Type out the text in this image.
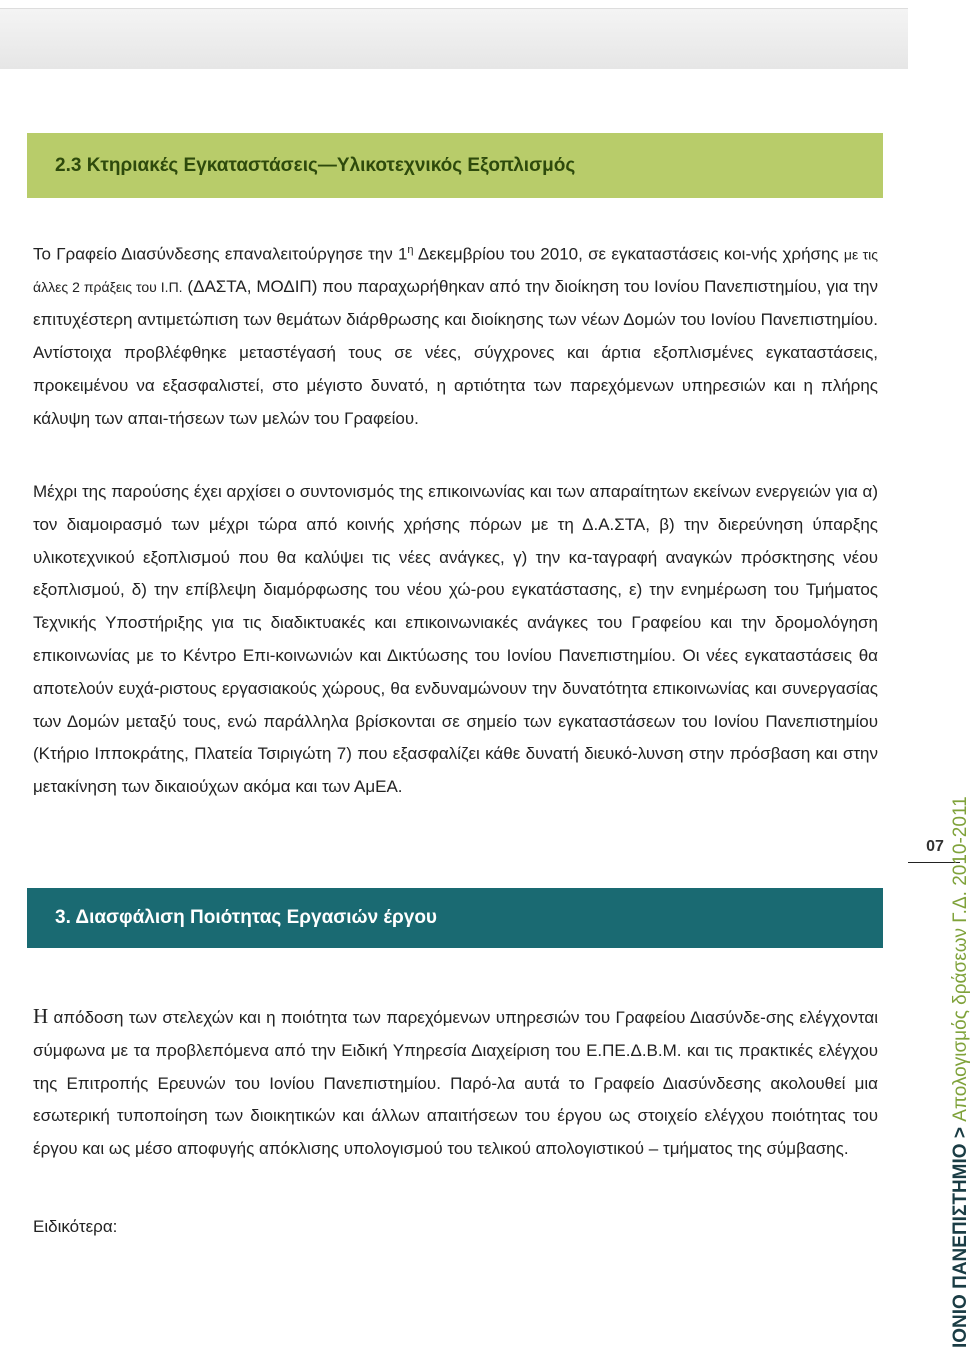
2.3 Κτηριακές Εγκαταστάσεις—Υλικοτεχνικός Εξοπλισμός

Το Γραφείο Διασύνδεσης επαναλειτούργησε την $1^\eta$ Δεκεμβρίου του 2010, σε εγκαταστάσεις κοι-νής χρήσης με τις άλλες 2 πράξεις του Ι.Π. (ΔΑΣΤΑ, ΜΟΔΙΠ) που παραχωρήθηκαν από την διοίκηση του Ιονίου Πανεπιστημίου, για την επιτυχέστερη αντιμετώπιση των θεμάτων διάρθρωσης και διοίκησης των νέων Δομών του Ιονίου Πανεπιστημίου. Αντίστοιχα προβλέφθηκε μεταστέγασή τους σε νέες, σύγχρονες και άρτια εξοπλισμένες εγκαταστάσεις, προκειμένου να εξασφαλιστεί, στο μέγιστο δυνατό, η αρτιότητα των παρεχόμενων υπηρεσιών και η πλήρης κάλυψη των απαι-τήσεων των μελών του Γραφείου.

Μέχρι της παρούσης έχει αρχίσει ο συντονισμός της επικοινωνίας και των απαραίτητων εκείνων ενεργειών για α) τον διαμοιρασμό των μέχρι τώρα από κοινής χρήσης πόρων με τη Δ.Α.ΣΤΑ, β) την διερεύνηση ύπαρξης υλικοτεχνικού εξοπλισμού που θα καλύψει τις νέες ανάγκες, γ) την κα-ταγραφή αναγκών πρόσκτησης νέου εξοπλισμού, δ) την επίβλεψη διαμόρφωσης του νέου χώ-ρου εγκατάστασης, ε) την ενημέρωση του Τμήματος Τεχνικής Υποστήριξης για τις διαδικτυακές και επικοινωνιακές ανάγκες του Γραφείου και την δρομολόγηση επικοινωνίας με το Κέντρο Επι-κοινωνιών και Δικτύωσης του Ιονίου Πανεπιστημίου. Οι νέες εγκαταστάσεις θα αποτελούν ευχά-ριστους εργασιακούς χώρους, θα ενδυναμώνουν την δυνατότητα επικοινωνίας και συνεργασίας των Δομών μεταξύ τους, ενώ παράλληλα βρίσκονται σε σημείο των εγκαταστάσεων του Ιονίου Πανεπιστημίου (Κτήριο Ιπποκράτης, Πλατεία Τσιριγώτη 7) που εξασφαλίζει κάθε δυνατή διευκό-λυνση στην πρόσβαση και στην μετακίνηση των δικαιούχων ακόμα και των ΑμΕΑ.

3. Διασφάλιση Ποιότητας Εργασιών έργου

Η απόδοση των στελεχών και η ποιότητα των παρεχόμενων υπηρεσιών του Γραφείου Διασύνδε-σης ελέγχονται σύμφωνα με τα προβλεπόμενα από την Ειδική Υπηρεσία Διαχείριση του Ε.ΠΕ.Δ.Β.Μ. και τις πρακτικές ελέγχου της Επιτροπής Ερευνών του Ιονίου Πανεπιστημίου. Παρό-λα αυτά το Γραφείο Διασύνδεσης ακολουθεί μια εσωτερική τυποποίηση των διοικητικών και άλλων απαιτήσεων του έργου ως στοιχείο ελέγχου ποιότητας του έργου και ως μέσο αποφυγής απόκλισης υπολογισμού του τελικού απολογιστικού – τμήματος της σύμβασης.

Ειδικότερα:

07
ΙΟΝΙΟ ΠΑΝΕΠΙΣΤΗΜΙΟ > Απολογισμός δράσεων Γ.Δ. 2010-2011
